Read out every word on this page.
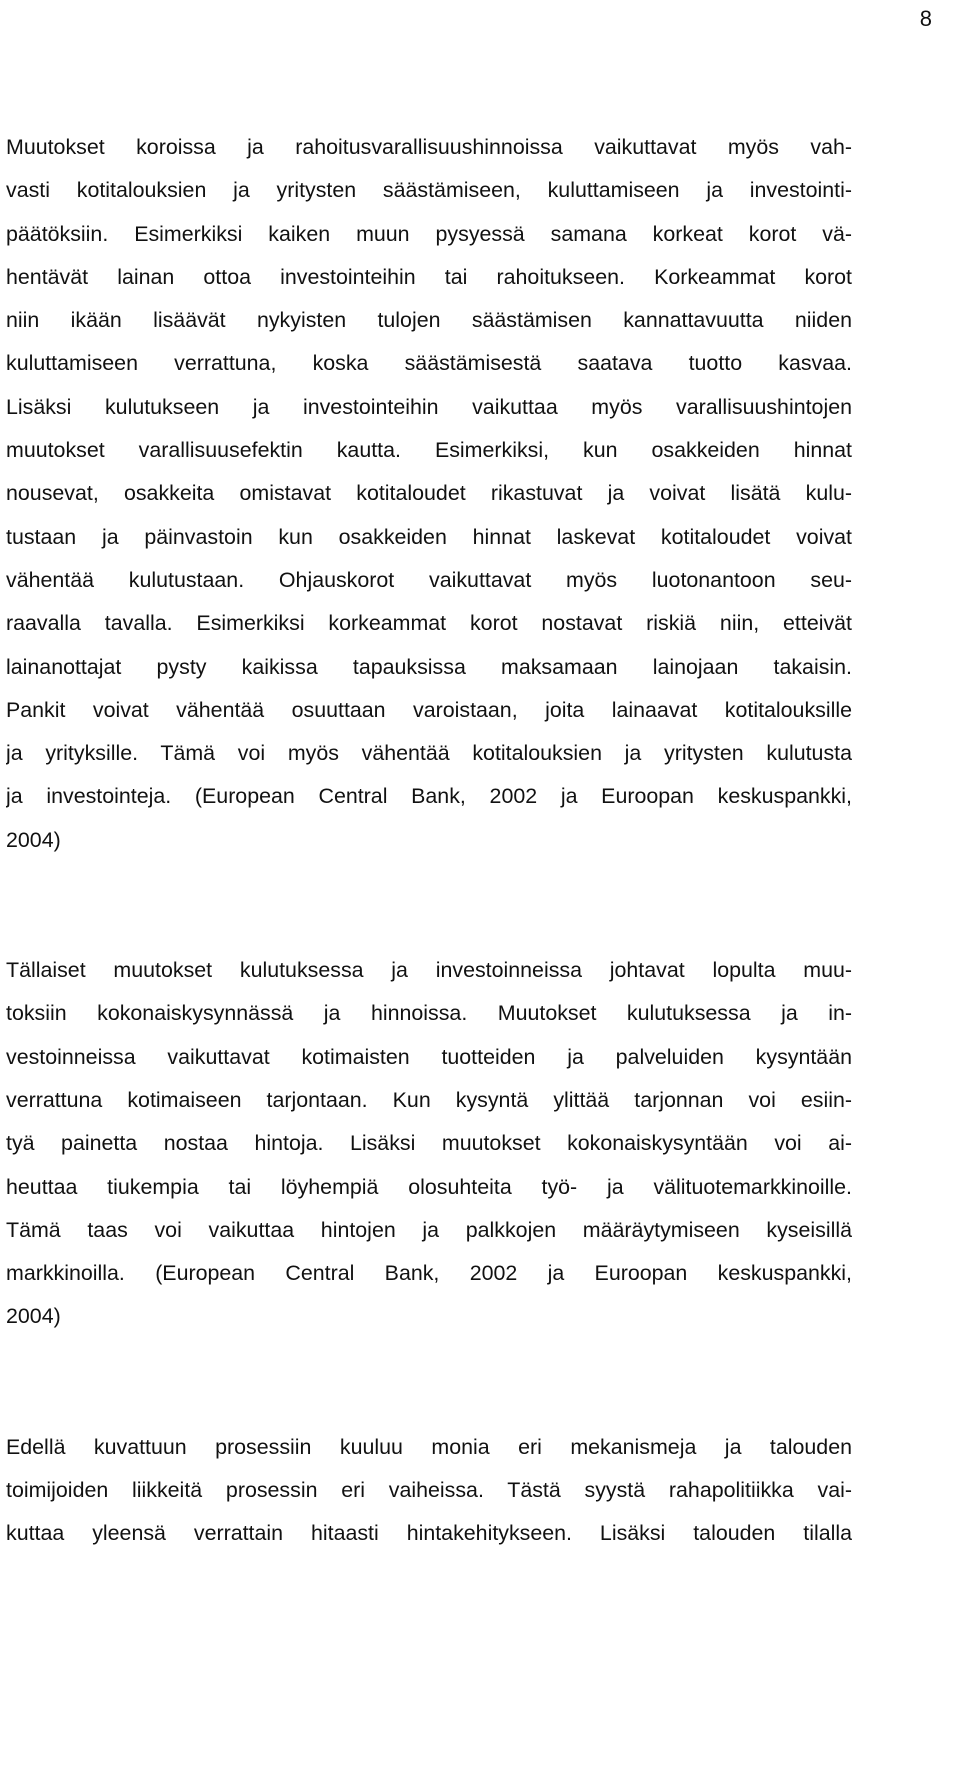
8
Muutokset koroissa ja rahoitusvarallisuushinnoissa vaikuttavat myös vah-
vasti kotitalouksien ja yritysten säästämiseen, kuluttamiseen ja investointi-
päätöksiin. Esimerkiksi kaiken muun pysyessä samana korkeat korot vä-
hentävät lainan ottoa investointeihin tai rahoitukseen. Korkeammat korot
niin ikään lisäävät nykyisten tulojen säästämisen kannattavuutta niiden
kuluttamiseen verrattuna, koska säästämisestä saatava tuotto kasvaa.
Lisäksi kulutukseen ja investointeihin vaikuttaa myös varallisuushintojen
muutokset varallisuusefektin kautta. Esimerkiksi, kun osakkeiden hinnat
nousevat, osakkeita omistavat kotitaloudet rikastuvat ja voivat lisätä kulu-
tustaan ja päinvastoin kun osakkeiden hinnat laskevat kotitaloudet voivat
vähentää kulutustaan. Ohjauskorot vaikuttavat myös luotonantoon seu-
raavalla tavalla. Esimerkiksi korkeammat korot nostavat riskiä niin, etteivät
lainanottajat pysty kaikissa tapauksissa maksamaan lainojaan takaisin.
Pankit voivat vähentää osuuttaan varoistaan, joita lainaavat kotitalouksille
ja yrityksille. Tämä voi myös vähentää kotitalouksien ja yritysten kulutusta
ja investointeja. (European Central Bank, 2002 ja Euroopan keskuspankki,
2004)
Tällaiset muutokset kulutuksessa ja investoinneissa johtavat lopulta muu-
toksiin kokonaiskysynnässä ja hinnoissa. Muutokset kulutuksessa ja in-
vestoinneissa vaikuttavat kotimaisten tuotteiden ja palveluiden kysyntään
verrattuna kotimaiseen tarjontaan. Kun kysyntä ylittää tarjonnan voi esiin-
tyä painetta nostaa hintoja. Lisäksi muutokset kokonaiskysyntään voi ai-
heuttaa tiukempia tai löyhempiä olosuhteita työ- ja välituotemarkkinoille.
Tämä taas voi vaikuttaa hintojen ja palkkojen määräytymiseen kyseisillä
markkinoilla. (European Central Bank, 2002 ja Euroopan keskuspankki,
2004)
Edellä kuvattuun prosessiin kuuluu monia eri mekanismeja ja talouden
toimijoiden liikkeitä prosessin eri vaiheissa. Tästä syystä rahapolitiikka vai-
kuttaa yleensä verrattain hitaasti hintakehitykseen. Lisäksi talouden tilalla
